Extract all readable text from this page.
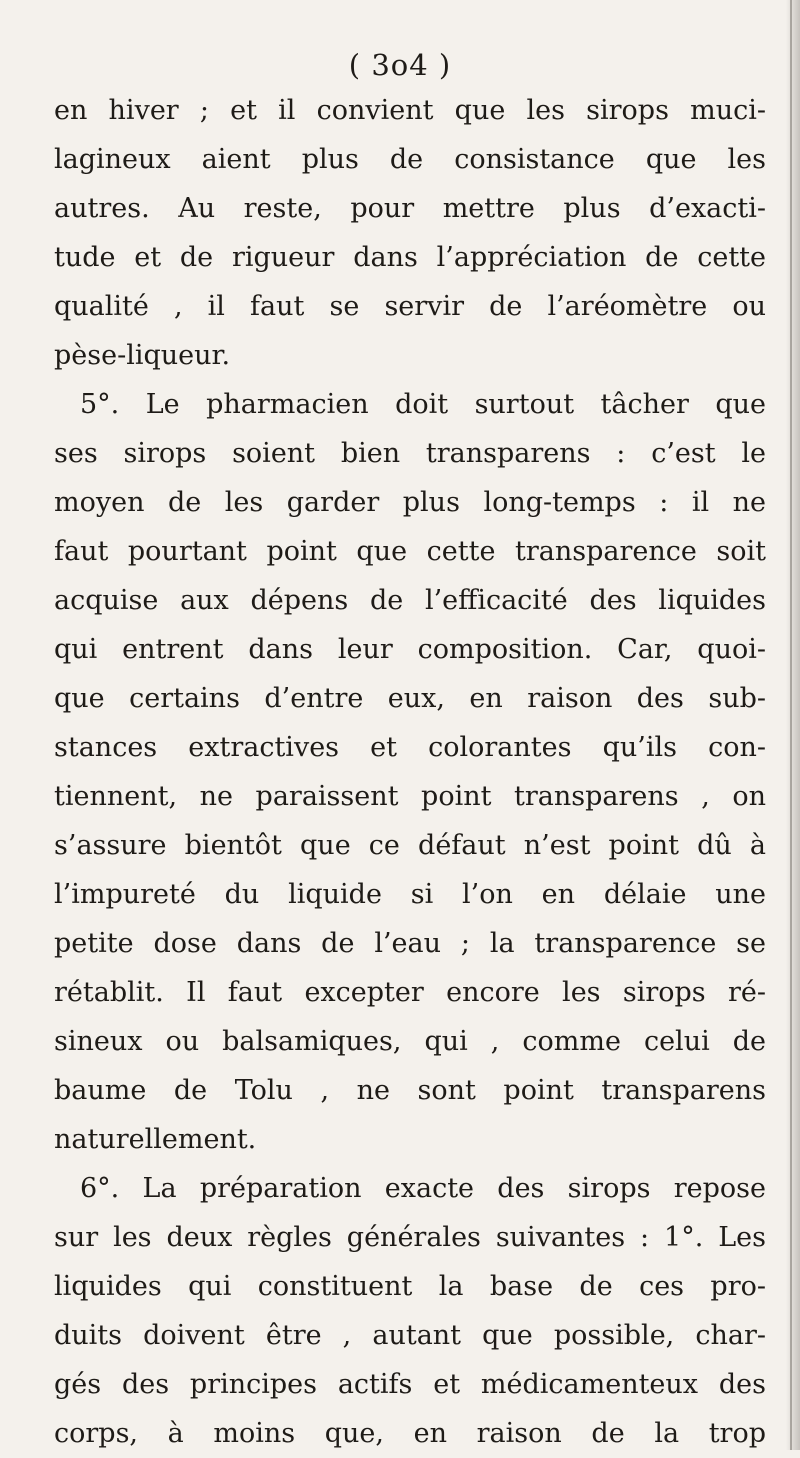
( 3o4 )
en hiver ; et il convient que les sirops muci-
lagineux aient plus de consistance que les
autres. Au reste, pour mettre plus d’exacti-
tude et de rigueur dans l’appréciation de cette
qualité , il faut se servir de l’aréomètre ou
pèse-liqueur.
5°. Le pharmacien doit surtout tâcher que
ses sirops soient bien transparens : c’est le
moyen de les garder plus long-temps : il ne
faut pourtant point que cette transparence soit
acquise aux dépens de l’efficacité des liquides
qui entrent dans leur composition. Car, quoi-
que certains d’entre eux, en raison des sub-
stances extractives et colorantes qu’ils con-
tiennent, ne paraissent point transparens , on
s’assure bientôt que ce défaut n’est point dû à
l’impureté du liquide si l’on en délaie une
petite dose dans de l’eau ; la transparence se
rétablit. Il faut excepter encore les sirops ré-
sineux ou balsamiques, qui , comme celui de
baume de Tolu , ne sont point transparens
naturellement.
6°. La préparation exacte des sirops repose
sur les deux règles générales suivantes : 1°. Les
liquides qui constituent la base de ces pro-
duits doivent être , autant que possible, char-
gés des principes actifs et médicamenteux des
corps, à moins que, en raison de la trop
